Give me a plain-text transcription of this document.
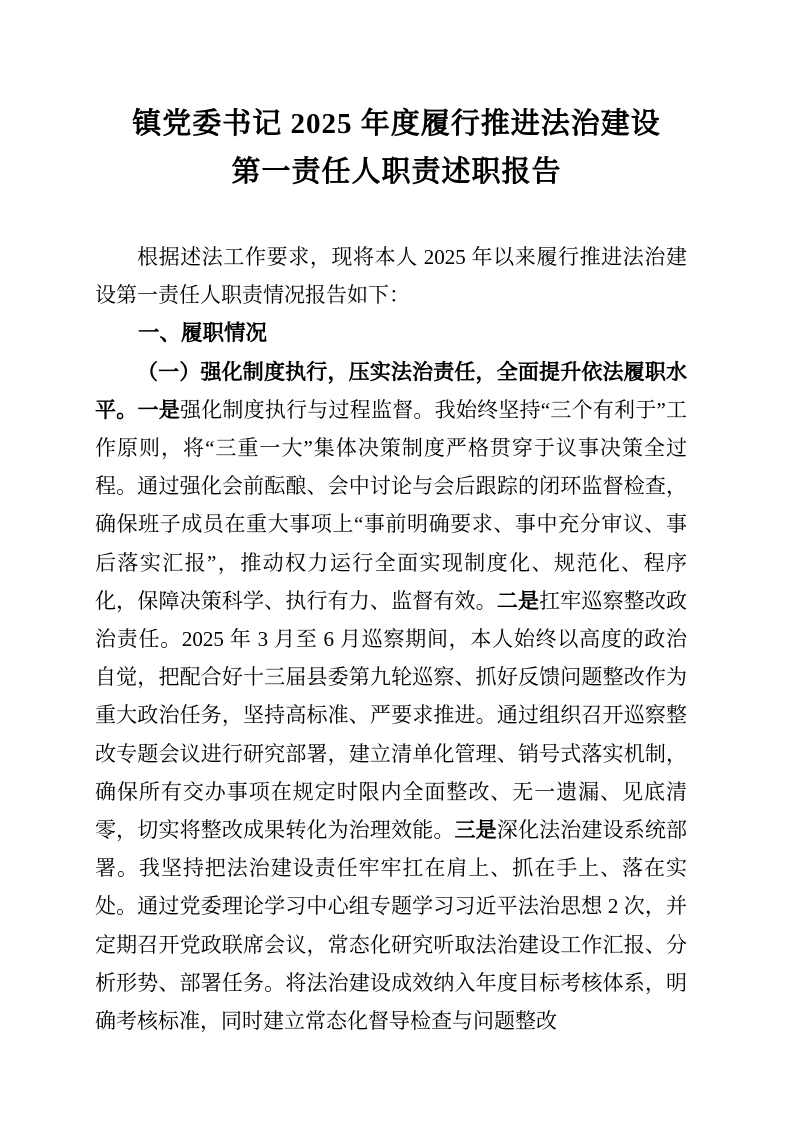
镇党委书记 2025 年度履行推进法治建设
第一责任人职责述职报告

根据述法工作要求，现将本人 2025 年以来履行推进法治建设第一责任人职责情况报告如下：

一、履职情况

（一）强化制度执行，压实法治责任，全面提升依法履职水平。一是强化制度执行与过程监督。我始终坚持“三个有利于”工作原则，将“三重一大”集体决策制度严格贯穿于议事决策全过程。通过强化会前酝酿、会中讨论与会后跟踪的闭环监督检查，确保班子成员在重大事项上“事前明确要求、事中充分审议、事后落实汇报”，推动权力运行全面实现制度化、规范化、程序化，保障决策科学、执行有力、监督有效。二是扛牢巡察整改政治责任。2025 年 3 月至 6 月巡察期间，本人始终以高度的政治自觉，把配合好十三届县委第九轮巡察、抓好反馈问题整改作为重大政治任务，坚持高标准、严要求推进。通过组织召开巡察整改专题会议进行研究部署，建立清单化管理、销号式落实机制，确保所有交办事项在规定时限内全面整改、无一遗漏、见底清零，切实将整改成果转化为治理效能。三是深化法治建设系统部署。我坚持把法治建设责任牢牢扛在肩上、抓在手上、落在实处。通过党委理论学习中心组专题学习习近平法治思想 2 次，并定期召开党政联席会议，常态化研究听取法治建设工作汇报、分析形势、部署任务。将法治建设成效纳入年度目标考核体系，明确考核标准，同时建立常态化督导检查与问题整改
